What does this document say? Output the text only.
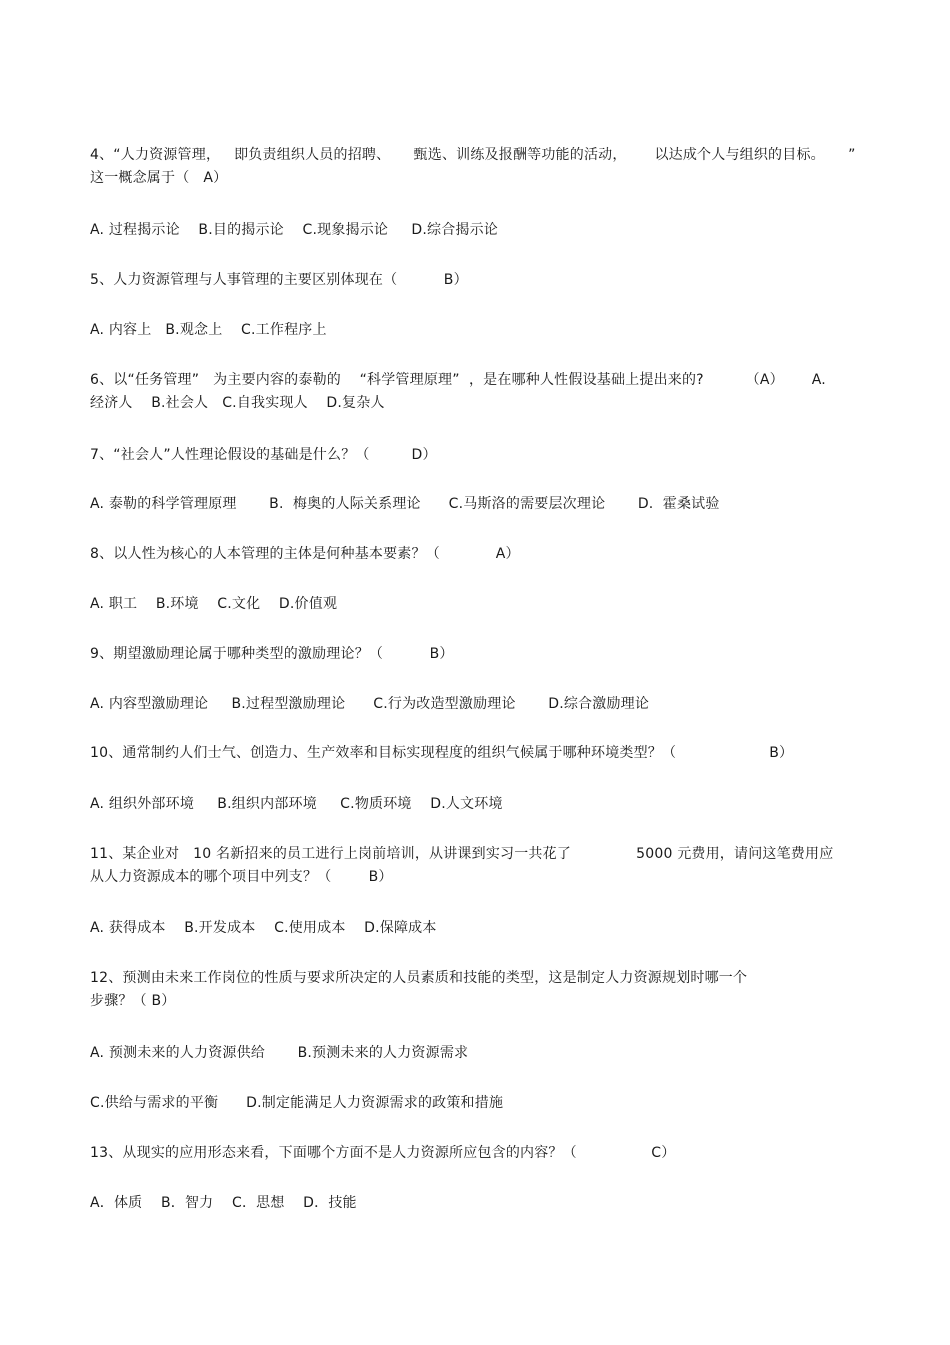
4、“人力资源管理，   即负责组织人员的招聘、     甄选、训练及报酬等功能的活动，      以达成个人与组织的目标。     ”
这一概念属于（   A）
A. 过程揭示论    B.目的揭示论    C.现象揭示论     D.综合揭示论
5、人力资源管理与人事管理的主要区别体现在（          B）
A. 内容上   B.观念上    C.工作程序上
6、以“任务管理”   为主要内容的泰勒的    “科学管理原理”  ，是在哪种人性假设基础上提出来的?         （A）      A.
经济人    B.社会人   C.自我实现人    D.复杂人
7、“社会人”人性理论假设的基础是什么？（         D）
A. 泰勒的科学管理原理       B.  梅奥的人际关系理论      C.马斯洛的需要层次理论       D.  霍桑试验
8、以人性为核心的人本管理的主体是何种基本要素？（            A）
A. 职工    B.环境    C.文化    D.价值观
9、期望激励理论属于哪种类型的激励理论？（          B）
A. 内容型激励理论     B.过程型激励理论      C.行为改造型激励理论       D.综合激励理论
10、通常制约人们士气、创造力、生产效率和目标实现程度的组织气候属于哪种环境类型？（                    B）
A. 组织外部环境     B.组织内部环境     C.物质环境    D.人文环境
11、某企业对   10 名新招来的员工进行上岗前培训，从讲课到实习一共花了              5000 元费用，请问这笔费用应
从人力资源成本的哪个项目中列支？（        B）
A. 获得成本    B.开发成本    C.使用成本    D.保障成本
12、预测由未来工作岗位的性质与要求所决定的人员素质和技能的类型，这是制定人力资源规划时哪一个
步骤？（ B）
A. 预测未来的人力资源供给       B.预测未来的人力资源需求
C.供给与需求的平衡      D.制定能满足人力资源需求的政策和措施
13、从现实的应用形态来看，下面哪个方面不是人力资源所应包含的内容？（                C）
A．体质    B．智力    C．思想    D．技能
